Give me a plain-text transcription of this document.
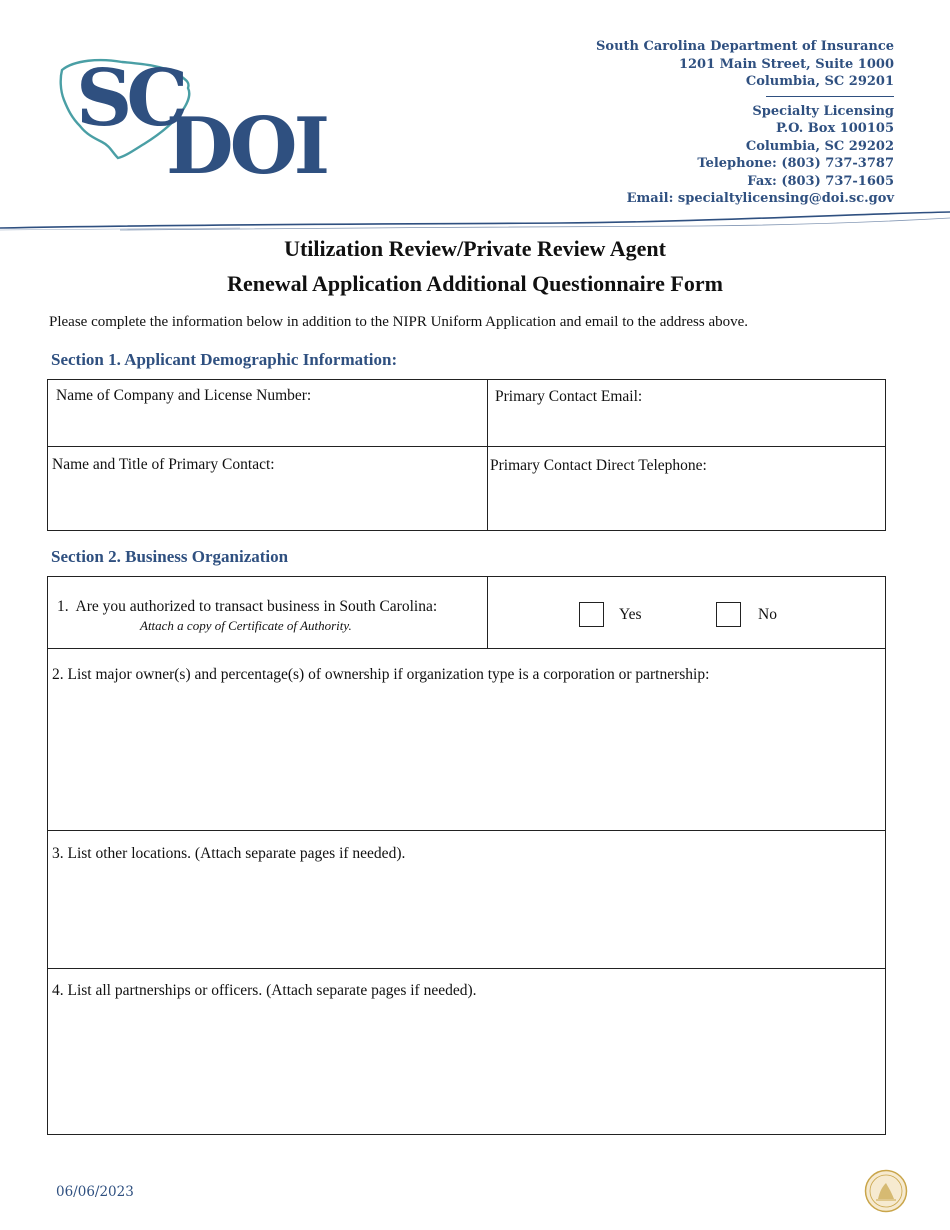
SC
DOI
South Carolina Department of Insurance
1201 Main Street, Suite 1000
Columbia, SC 29201
Specialty Licensing
P.O. Box 100105
Columbia, SC 29202
Telephone: (803) 737-3787
Fax: (803) 737-1605
Email: specialtylicensing@doi.sc.gov
Utilization Review/Private Review Agent
Renewal Application Additional Questionnaire Form
Please complete the information below in addition to the NIPR Uniform Application and email to the address above.
Section 1. Applicant Demographic Information:
Name of Company and License Number:	Primary Contact Email:
Name and Title of Primary Contact:	Primary Contact Direct Telephone:
Section 2. Business Organization
1. Are you authorized to transact business in South Carolina:
Attach a copy of Certificate of Authority.
Yes	No
2. List major owner(s) and percentage(s) of ownership if organization type is a corporation or partnership:
3. List other locations. (Attach separate pages if needed).
4. List all partnerships or officers. (Attach separate pages if needed).
06/06/2023
